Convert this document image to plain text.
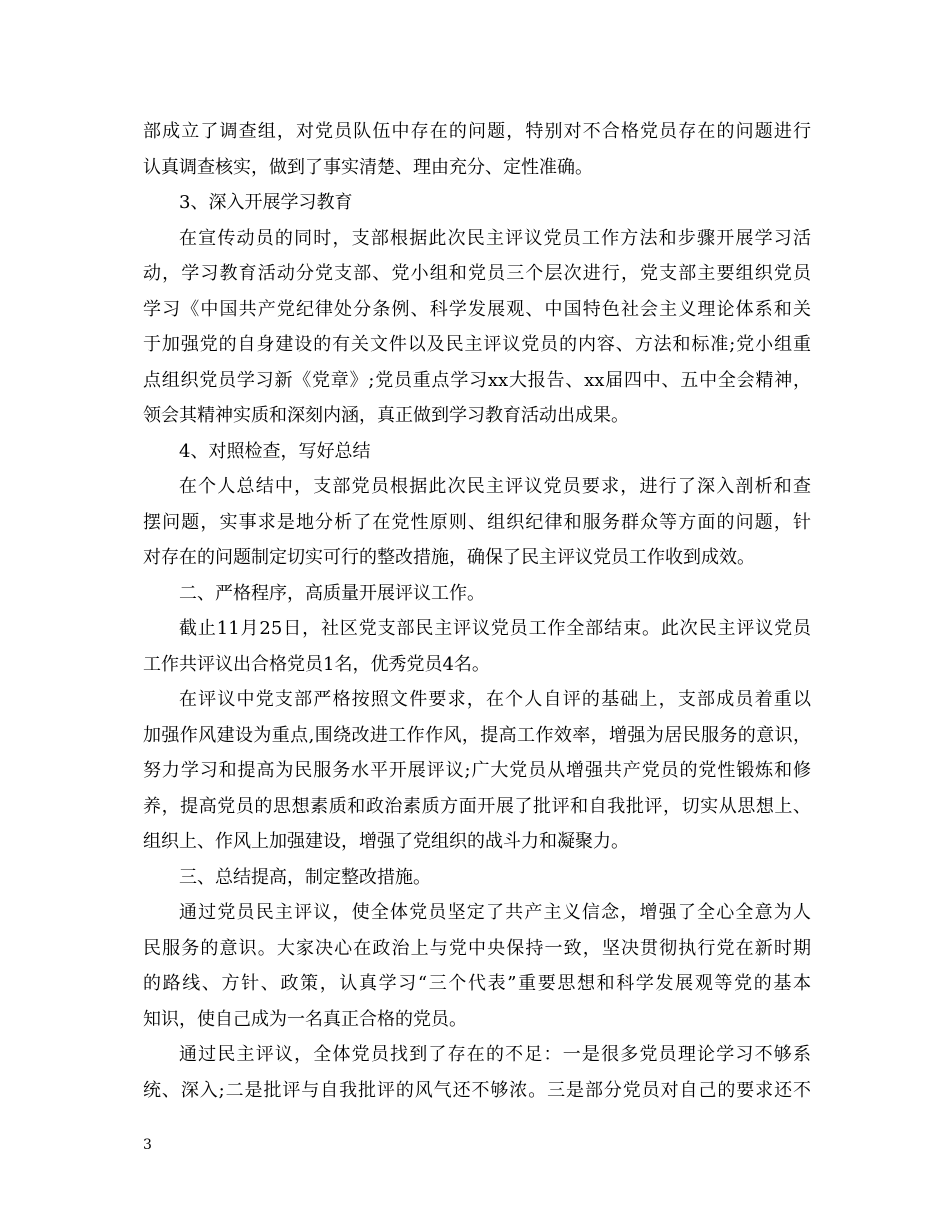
部成立了调查组，对党员队伍中存在的问题，特别对不合格党员存在的问题进行
认真调查核实，做到了事实清楚、理由充分、定性准确。
3、深入开展学习教育
在宣传动员的同时，支部根据此次民主评议党员工作方法和步骤开展学习活
动，学习教育活动分党支部、党小组和党员三个层次进行，党支部主要组织党员
学习《中国共产党纪律处分条例、科学发展观、中国特色社会主义理论体系和关
于加强党的自身建设的有关文件以及民主评议党员的内容、方法和标准;党小组重
点组织党员学习新《党章》;党员重点学习xx大报告、xx届四中、五中全会精神，
领会其精神实质和深刻内涵，真正做到学习教育活动出成果。
4、对照检查，写好总结
在个人总结中，支部党员根据此次民主评议党员要求，进行了深入剖析和查
摆问题，实事求是地分析了在党性原则、组织纪律和服务群众等方面的问题，针
对存在的问题制定切实可行的整改措施，确保了民主评议党员工作收到成效。
二、严格程序，高质量开展评议工作。
截止11月25日，社区党支部民主评议党员工作全部结束。此次民主评议党员
工作共评议出合格党员1名，优秀党员4名。
在评议中党支部严格按照文件要求，在个人自评的基础上，支部成员着重以
加强作风建设为重点,围绕改进工作作风，提高工作效率，增强为居民服务的意识，
努力学习和提高为民服务水平开展评议;广大党员从增强共产党员的党性锻炼和修
养，提高党员的思想素质和政治素质方面开展了批评和自我批评，切实从思想上、
组织上、作风上加强建设，增强了党组织的战斗力和凝聚力。
三、总结提高，制定整改措施。
通过党员民主评议，使全体党员坚定了共产主义信念，增强了全心全意为人
民服务的意识。大家决心在政治上与党中央保持一致，坚决贯彻执行党在新时期
的路线、方针、政策，认真学习“三个代表”重要思想和科学发展观等党的基本
知识，使自己成为一名真正合格的党员。
通过民主评议，全体党员找到了存在的不足：一是很多党员理论学习不够系
统、深入;二是批评与自我批评的风气还不够浓。三是部分党员对自己的要求还不
3
